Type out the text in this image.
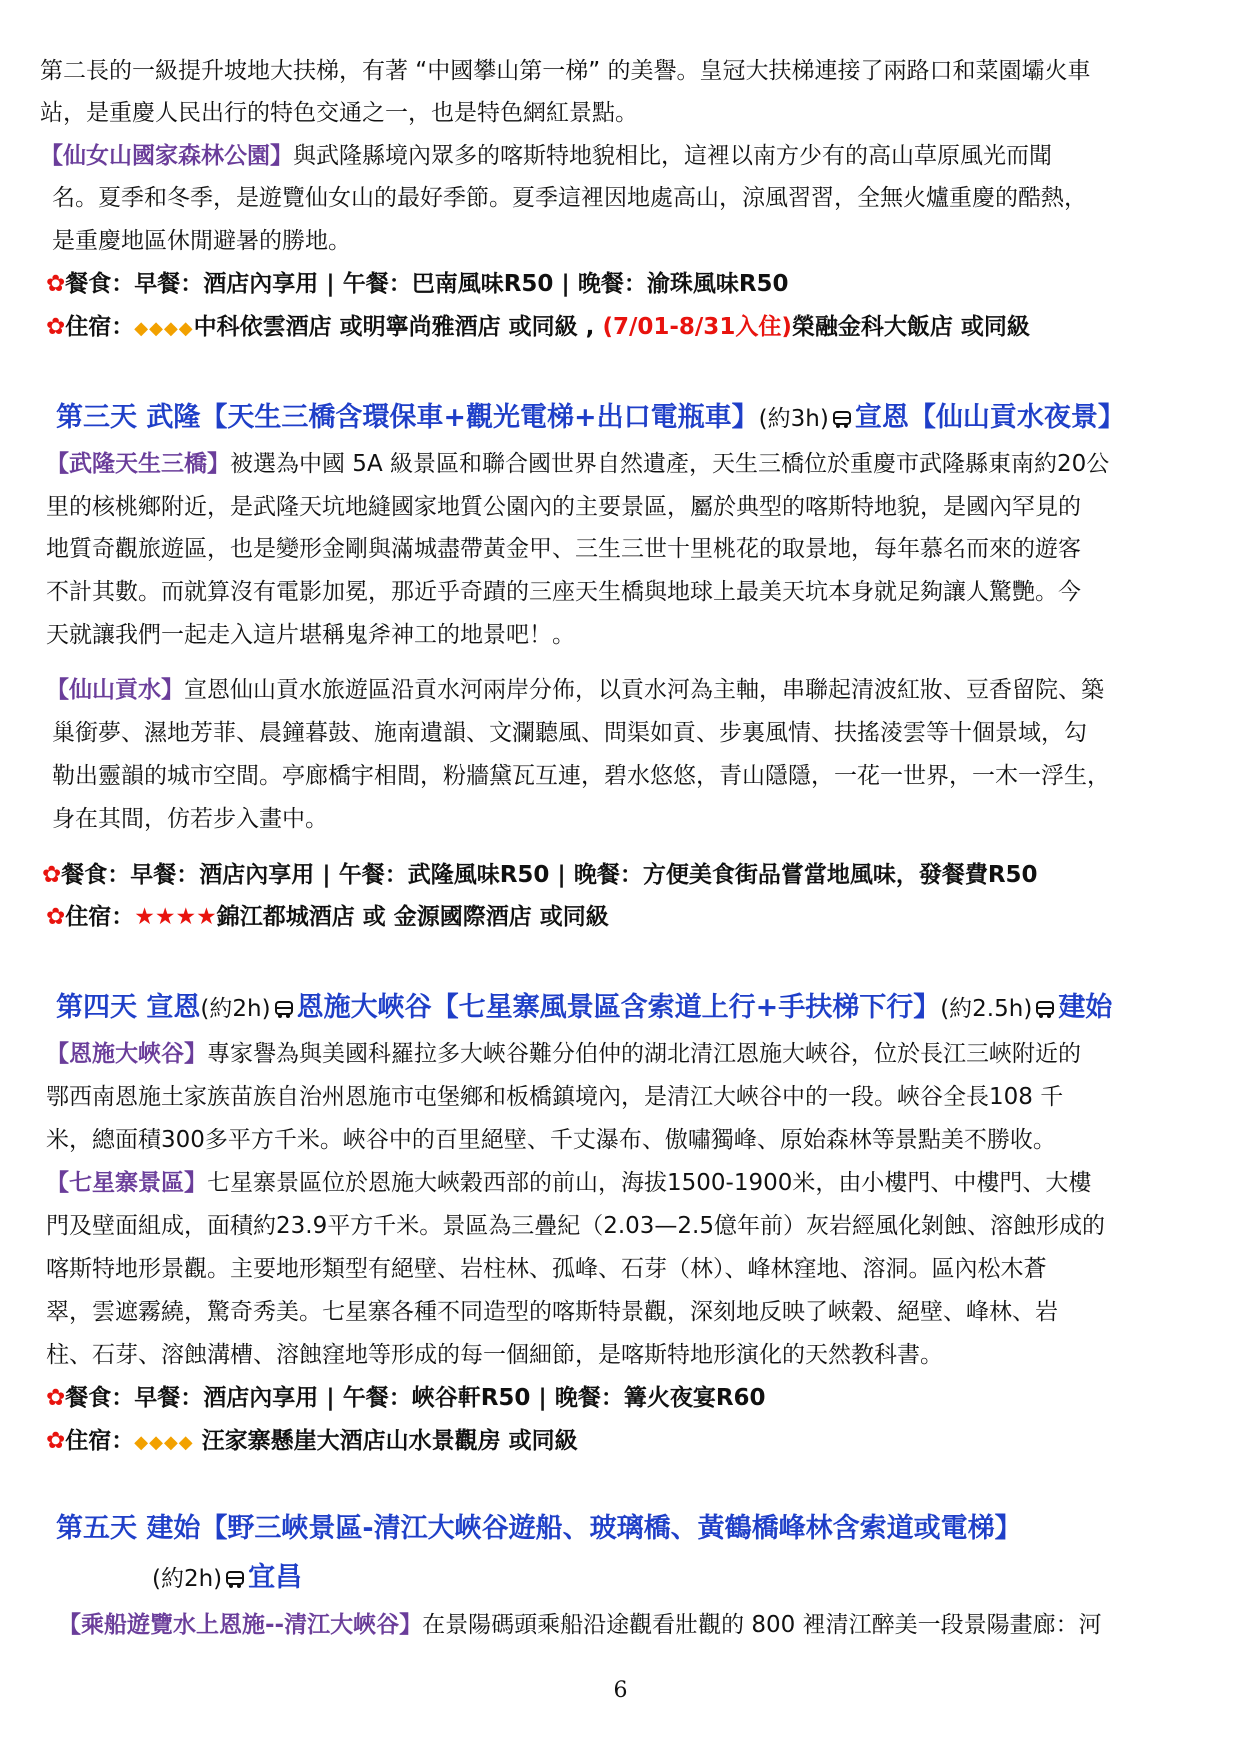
第二長的一級提升坡地大扶梯，有著 “中國攀山第一梯” 的美譽。皇冠大扶梯連接了兩路口和菜園壩火車
站，是重慶人民出行的特色交通之一，也是特色網紅景點。
【仙女山國家森林公園】與武隆縣境內眾多的喀斯特地貌相比，這裡以南方少有的高山草原風光而聞
名。夏季和冬季，是遊覽仙女山的最好季節。夏季這裡因地處高山，涼風習習，全無火爐重慶的酷熱，
是重慶地區休閒避暑的勝地。
✿餐食：早餐：酒店內享用 | 午餐：巴南風味R50 | 晚餐：渝珠風味R50
✿住宿：◆◆◆◆中科依雲酒店 或明寧尚雅酒店 或同級 , (7/01-8/31入住)榮融金科大飯店 或同級
第三天 武隆【天生三橋含環保車+觀光電梯+出口電瓶車】(約3h) 宣恩【仙山貢水夜景】
【武隆天生三橋】被選為中國 5A 級景區和聯合國世界自然遺產，天生三橋位於重慶市武隆縣東南約20公
里的核桃鄉附近，是武隆天坑地縫國家地質公園內的主要景區，屬於典型的喀斯特地貌，是國內罕見的
地質奇觀旅遊區，也是變形金剛與滿城盡帶黃金甲、三生三世十里桃花的取景地，每年慕名而來的遊客
不計其數。而就算沒有電影加冕，那近乎奇蹟的三座天生橋與地球上最美天坑本身就足夠讓人驚艷。今
天就讓我們一起走入這片堪稱鬼斧神工的地景吧！。
【仙山貢水】宣恩仙山貢水旅遊區沿貢水河兩岸分佈，以貢水河為主軸，串聯起清波紅妝、豆香留院、築
巢銜夢、濕地芳菲、晨鐘暮鼓、施南遺韻、文瀾聽風、問渠如貢、步裏風情、扶搖淩雲等十個景域，勾
勒出靈韻的城市空間。亭廊橋宇相間，粉牆黛瓦互連，碧水悠悠，青山隱隱，一花一世界，一木一浮生，
身在其間，仿若步入畫中。
✿餐食：早餐：酒店內享用 | 午餐：武隆風味R50 | 晚餐：方便美食街品嘗當地風味，發餐費R50
✿住宿：★★★★錦江都城酒店 或 金源國際酒店 或同級
第四天 宣恩(約2h) 恩施大峽谷【七星寨風景區含索道上行+手扶梯下行】(約2.5h) 建始
【恩施大峽谷】專家譽為與美國科羅拉多大峽谷難分伯仲的湖北清江恩施大峽谷，位於長江三峽附近的
鄂西南恩施土家族苗族自治州恩施市屯堡鄉和板橋鎮境內，是清江大峽谷中的一段。峽谷全長108 千
米，總面積300多平方千米。峽谷中的百里絕壁、千丈瀑布、傲嘯獨峰、原始森林等景點美不勝收。
【七星寨景區】七星寨景區位於恩施大峽穀西部的前山，海拔1500-1900米，由小樓門、中樓門、大樓
門及壁面組成，面積約23.9平方千米。景區為三疊紀（2.03—2.5億年前）灰岩經風化剝蝕、溶蝕形成的
喀斯特地形景觀。主要地形類型有絕壁、岩柱林、孤峰、石芽（林）、峰林窪地、溶洞。區內松木蒼
翠，雲遮霧繞，驚奇秀美。七星寨各種不同造型的喀斯特景觀，深刻地反映了峽穀、絕壁、峰林、岩
柱、石芽、溶蝕溝槽、溶蝕窪地等形成的每一個細節，是喀斯特地形演化的天然教科書。
✿餐食：早餐：酒店內享用 | 午餐：峽谷軒R50 | 晚餐：篝火夜宴R60
✿住宿：◆◆◆◆ 汪家寨懸崖大酒店山水景觀房 或同級
第五天 建始【野三峽景區-清江大峽谷遊船、玻璃橋、黃鶴橋峰林含索道或電梯】
(約2h) 宜昌
【乘船遊覽水上恩施--清江大峽谷】在景陽碼頭乘船沿途觀看壯觀的 800 裡清江醉美一段景陽畫廊：河
6
